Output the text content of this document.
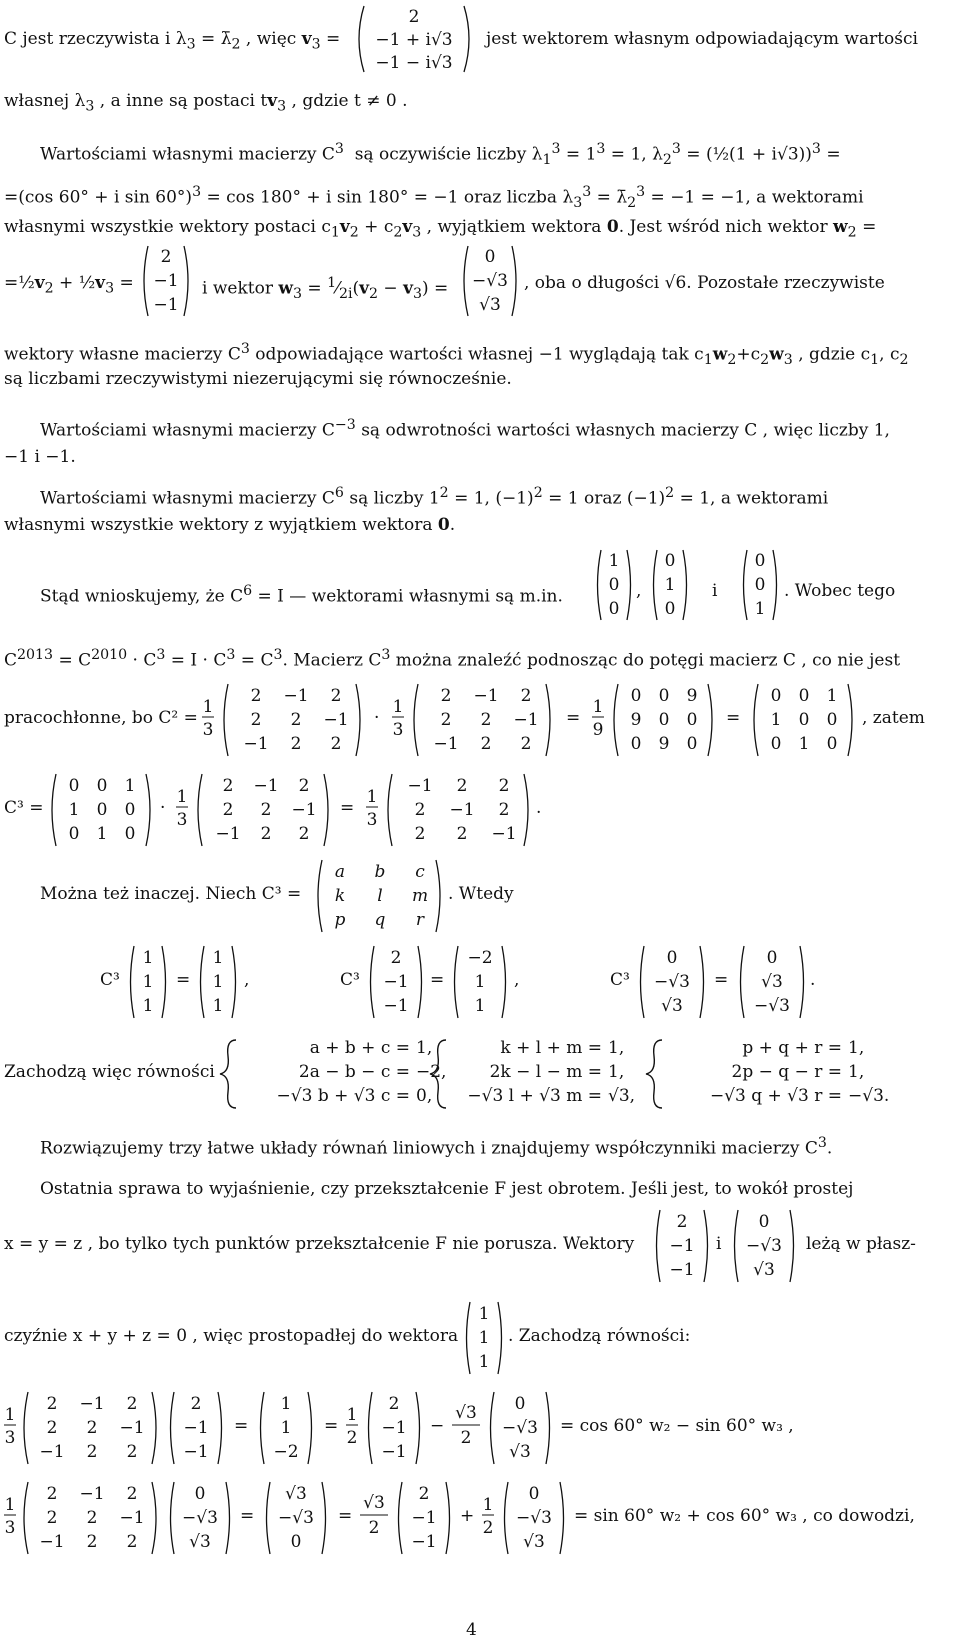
C jest rzeczywista i $\lambda_3$ = $\lambdā_2$ , więc $v_3$ =
2
−1 + i√3
−1 − i√3
jest wektorem własnym odpowiadającym wartości
własnej $\lambda_3$ , a inne są postaci $tv_3$ , gdzie t ≠ 0 .
Wartościami własnymi macierzy $C^3$  są oczywiście liczby $\lambda_1^3 = 1^3 = 1$, $\lambda_2^3$ = (½(1 + i√3))$^3$ =
=(cos 60° + i sin 60°)$^3$ = cos 180° + i sin 180° = −1 oraz liczba $\lambda_3^3$ = $\lambdā_2^3 = -1 = -1$, a wektorami
własnymi wszystkie wektory postaci $c_1v_2 + c_2v_3$ , wyjątkiem wektora 0. Jest wśród nich wektor $w_2$ =
$=\frac{1}{2}v_2$ + $\frac{1}{2}v_3$ =
2
−1
−1
i wektor $w_3$ = $^1⁄_{2i}(v_2 - v_3)$ =
0
−√3
√3
, oba o długości √6. Pozostałe rzeczywiste
wektory własne macierzy $C^3$ odpowiadające wartości własnej −1 wyglądają tak $c_1w_2+c_2w_3$ , gdzie $c_1$, $c_2$
są liczbami rzeczywistymi niezerującymi się równocześnie.
Wartościami własnymi macierzy $C^{-3}$ są odwrotności wartości własnych macierzy C , więc liczby 1,
−1 i −1.
Wartościami własnymi macierzy $C^6$ są liczby $1^2 = 1$, $(-1)^2 = 1$ oraz $(-1)^2 = 1$, a wektorami
własnymi wszystkie wektory z wyjątkiem wektora 0.
Stąd wnioskujemy, że $C^6 = I$ — wektorami własnymi są m.in.
1
0
0
,
0
1
0
i
0
0
1
. Wobec tego
$C^{2013} = C^{2010} \cdot C^3 = I \cdot C^3 = C^3$. Macierz $C^3$ można znaleźć podnosząc do potęgi macierz C , co nie jest
pracochłonne, bo C² =
1
3
2 −1 2
2 2 −1
−1 2 2
·
1
3
2 −1 2
2 2 −1
−1 2 2
=
1
9
0 0 9
9 0 0
0 9 0
=
0 0 1
1 0 0
0 1 0
, zatem
C³ =
0 0 1
1 0 0
0 1 0
·
1
3
2 −1 2
2 2 −1
−1 2 2
=
1
3
−1 2 2
2 −1 2
2 2 −1
.
Można też inaczej. Niech C³ =
a b c
k l m
p q r
. Wtedy
C³
1
1
1
=
1
1
1
,	C³
2
−1
−1
=
−2
1
1
,	C³
0
−√3
√3
=
0
√3
−√3
.
Zachodzą więc równości
a + b + c = 1,
2a − b − c = −2,
−√3 b + √3 c = 0,
k + l + m = 1,
2k − l − m = 1,
−√3 l + √3 m = √3,
p + q + r = 1,
2p − q − r = 1,
−√3 q + √3 r = −√3.
Rozwiązujemy trzy łatwe układy równań liniowych i znajdujemy współczynniki macierzy $C^3$.
Ostatnia sprawa to wyjaśnienie, czy przekształcenie F jest obrotem. Jeśli jest, to wokół prostej
x = y = z , bo tylko tych punktów przekształcenie F nie porusza. Wektory
2
−1
−1
i
0
−√3
√3
leżą w płasz-
czyźnie x + y + z = 0 , więc prostopadłej do wektora
1
1
1
. Zachodzą równości:
1
3
2 −1 2
2 2 −1
−1 2 2
2
−1
−1
=
1
1
−2
=
1
2
2
−1
−1
−
√3
2
0
−√3
√3
= cos 60° w₂ − sin 60° w₃ ,
1
3
2 −1 2
2 2 −1
−1 2 2
0
−√3
√3
=
√3
−√3
0
=
√3
2
2
−1
−1
+
1
2
0
−√3
√3
= sin 60° w₂ + cos 60° w₃ , co dowodzi,
4
